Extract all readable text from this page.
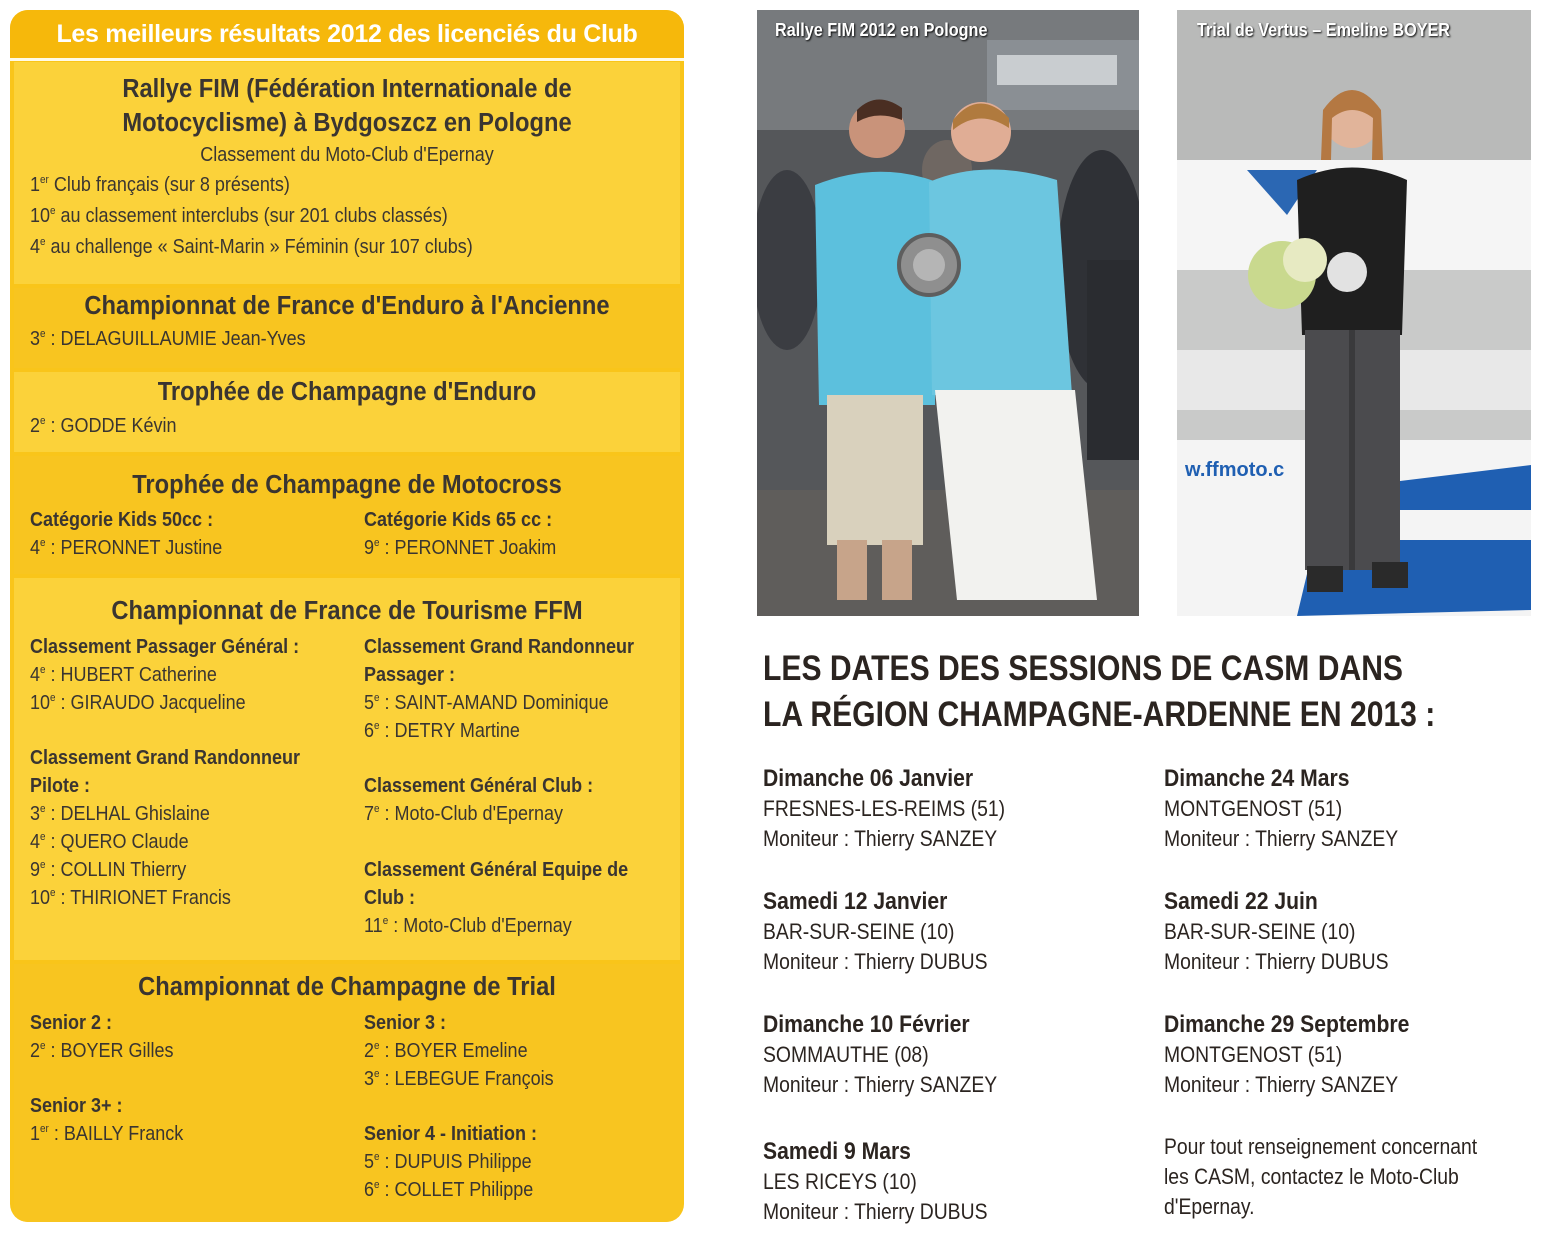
Les meilleurs résultats 2012 des licenciés du Club
Rallye FIM (Fédération Internationale de
Motocyclisme) à Bydgoszcz en Pologne
Classement du Moto-Club d'Epernay
1er Club français (sur 8 présents)
10e au classement interclubs (sur 201 clubs classés)
4e au challenge « Saint-Marin » Féminin (sur 107 clubs)
Championnat de France d'Enduro à l'Ancienne
3e : DELAGUILLAUMIE Jean-Yves
Trophée de Champagne d'Enduro
2e : GODDE Kévin
Trophée de Champagne de Motocross
Catégorie Kids 50cc :
4e : PERONNET Justine
Catégorie Kids 65 cc :
9e : PERONNET Joakim
Championnat de France de Tourisme FFM
Classement Passager Général :
4e : HUBERT Catherine
10e : GIRAUDO Jacqueline
Classement Grand Randonneur
Pilote :
3e : DELHAL Ghislaine
4e : QUERO Claude
9e : COLLIN Thierry
10e : THIRIONET Francis
Classement Grand Randonneur
Passager :
5e : SAINT-AMAND Dominique
6e : DETRY Martine
Classement Général Club :
7e : Moto-Club d'Epernay
Classement Général Equipe de
Club :
11e : Moto-Club d'Epernay
Championnat de Champagne de Trial
Senior 2 :
2e : BOYER Gilles
Senior 3+ :
1er : BAILLY Franck
Senior 3 :
2e : BOYER Emeline
3e : LEBEGUE François
Senior 4 - Initiation :
5e : DUPUIS Philippe
6e : COLLET Philippe
Rallye FIM 2012 en Pologne
w.ffmoto.c
Trial de Vertus – Emeline BOYER
LES DATES DES SESSIONS DE CASM DANS
LA RÉGION CHAMPAGNE-ARDENNE EN 2013 :
Dimanche 06 Janvier
FRESNES-LES-REIMS (51)
Moniteur : Thierry SANZEY
Samedi 12 Janvier
BAR-SUR-SEINE (10)
Moniteur : Thierry DUBUS
Dimanche 10 Février
SOMMAUTHE (08)
Moniteur : Thierry SANZEY
Samedi 9 Mars
LES RICEYS (10)
Moniteur : Thierry DUBUS
Dimanche 24 Mars
MONTGENOST (51)
Moniteur : Thierry SANZEY
Samedi 22 Juin
BAR-SUR-SEINE (10)
Moniteur : Thierry DUBUS
Dimanche 29 Septembre
MONTGENOST (51)
Moniteur : Thierry SANZEY
Pour tout renseignement concernant
les CASM, contactez le Moto-Club
d'Epernay.
